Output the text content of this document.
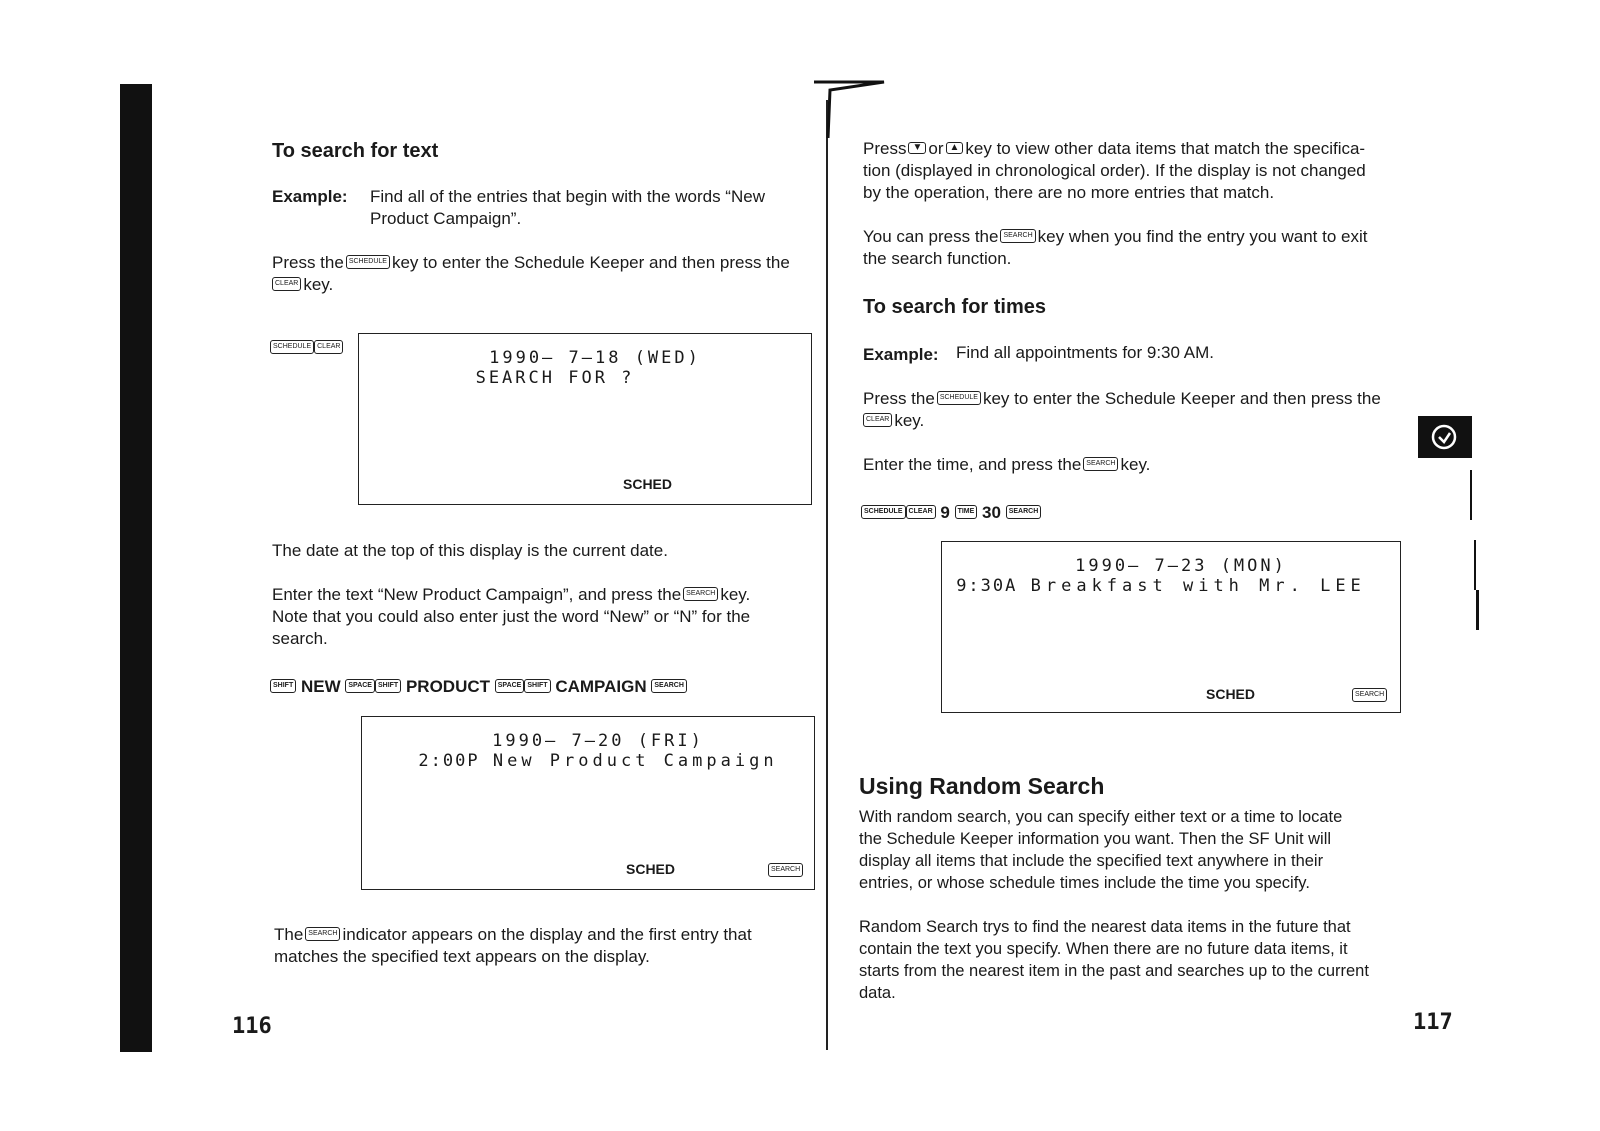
To search for text
Example: Find all of the entries that begin with the words “New
Product Campaign”.
Press the SCHEDULE key to enter the Schedule Keeper and then press the
CLEAR key.
SCHEDULE CLEAR
1990— 7—18 (WED)
SEARCH FOR ?
SCHED
The date at the top of this display is the current date.
Enter the text “New Product Campaign”, and press the SEARCH key.
Note that you could also enter just the word “New” or “N” for the
search.
SHIFT NEW SPACE SHIFT PRODUCT SPACE SHIFT CAMPAIGN SEARCH
1990— 7—20 (FRI)
2:00P New Product Campaign
SCHED	SEARCH
The SEARCH indicator appears on the display and the first entry that
matches the specified text appears on the display.
116
Press ▼ or ▲ key to view other data items that match the specifica-
tion (displayed in chronological order). If the display is not changed
by the operation, there are no more entries that match.
You can press the SEARCH key when you find the entry you want to exit
the search function.
To search for times
Example: Find all appointments for 9:30 AM.
Press the SCHEDULE key to enter the Schedule Keeper and then press the
CLEAR key.
Enter the time, and press the SEARCH key.
SCHEDULE CLEAR 9 TIME 30 SEARCH
1990— 7—23 (MON)
9:30A Breakfast with Mr. LEE
SCHED	SEARCH
Using Random Search
With random search, you can specify either text or a time to locate
the Schedule Keeper information you want. Then the SF Unit will
display all items that include the specified text anywhere in their
entries, or whose schedule times include the time you specify.
Random Search trys to find the nearest data items in the future that
contain the text you specify. When there are no future data items, it
starts from the nearest item in the past and searches up to the current
data.
117
